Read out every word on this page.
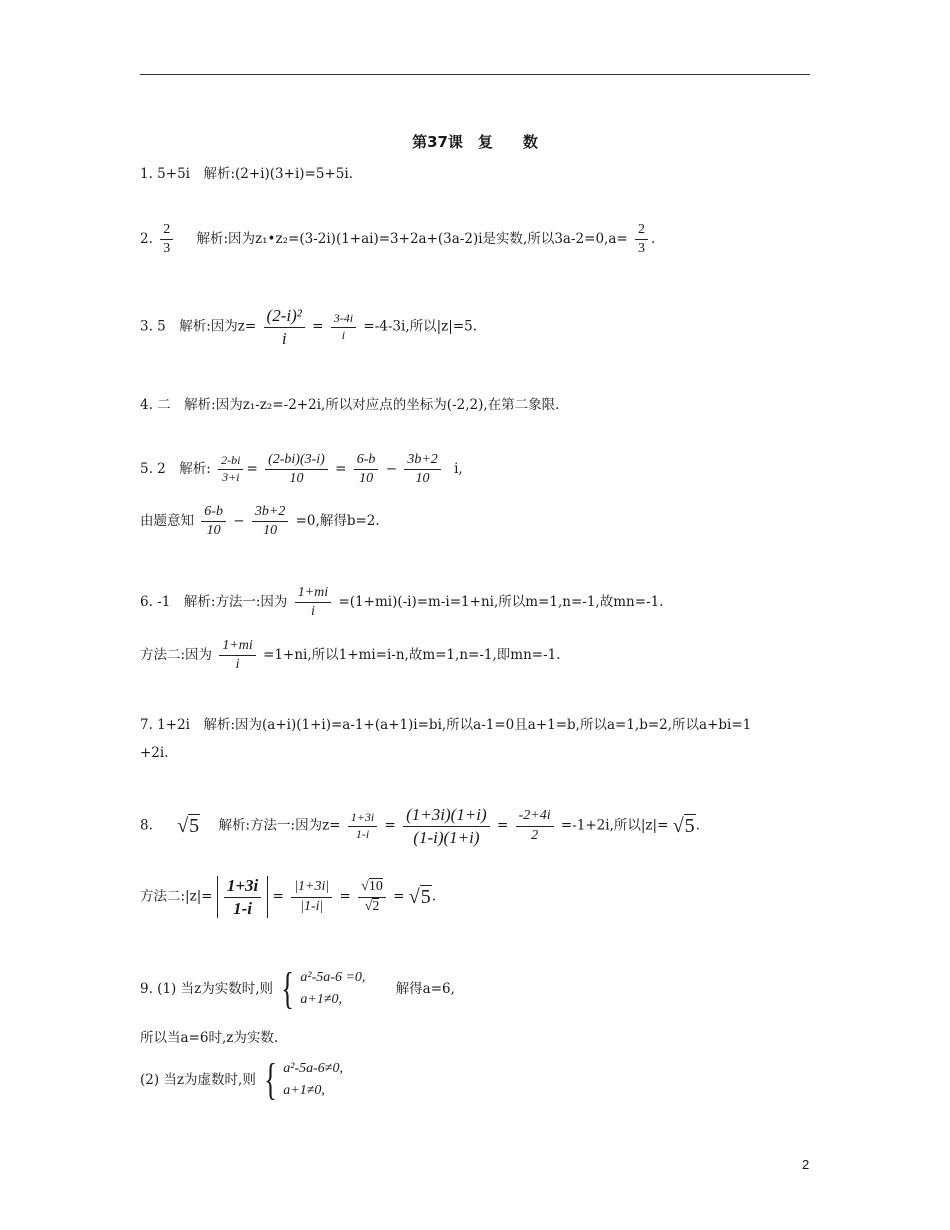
第37课　复　　数
1. 5+5i　解析:(2+i)(3+i)=5+5i.
2. $\frac{2}{3}$ 解析:因为z₁•z₂=(3-2i)(1+ai)=3+2a+(3a-2)i是实数,所以$3a-2=0,a= \frac{2}{3}$ .
3. 5　解析:因为$z= \frac{\text{(2-i)²}}{i} = \frac{3-4i}{i} =-4-3i$,所以|z|=5.
4. 二　解析:因为z₁-z₂=-2+2i,所以对应点的坐标为(-2,2),在第二象限.
5. 2　解析: $\frac{2-bi}{3+i} = \frac{(2-bi)(3-i)}{10} = \frac{6-b}{10} - \frac{3b+2}{10} i$,
由题意知 $\frac{6-b}{10} - \frac{3b+2}{10} =0$,解得b=2.
6. -1　解析:方法一:因为 $\frac{1+mi}{i} =(1+mi)(-i)=m-i=1+ni$,所以m=1,n=-1,故mn=-1.
方法二:因为 $\frac{1+mi}{i} =1+ni$,所以1+mi=i-n,故m=1,n=-1,即mn=-1.
7. 1+2i　解析:因为(a+i)(1+i)=a-1+(a+1)i=bi,所以a-1=0且a+1=b,所以a=1,b=2,所以a+bi=1
+2i.
8. √5 解析:方法一:因为$z= \frac{1+3i}{1-i} = \frac{(1+3i)(1+i)}{(1-i)(1+i)} = \frac{-2+4i}{2} =-1+2i$,所以|z|= √5.
方法二:|z|= $\frac{1+3i}{1-i} = \frac{|1+3i|}{|1-i|} = \frac{√10}{√2} = √5$.
9. (1) 当z为实数时,则 { a²-5a-6 =0,
a+1≠0,
解得a=6,
所以当a=6时,z为实数.
(2) 当z为虚数时,则 { a²-5a-6≠0,
a+1≠0,
2
